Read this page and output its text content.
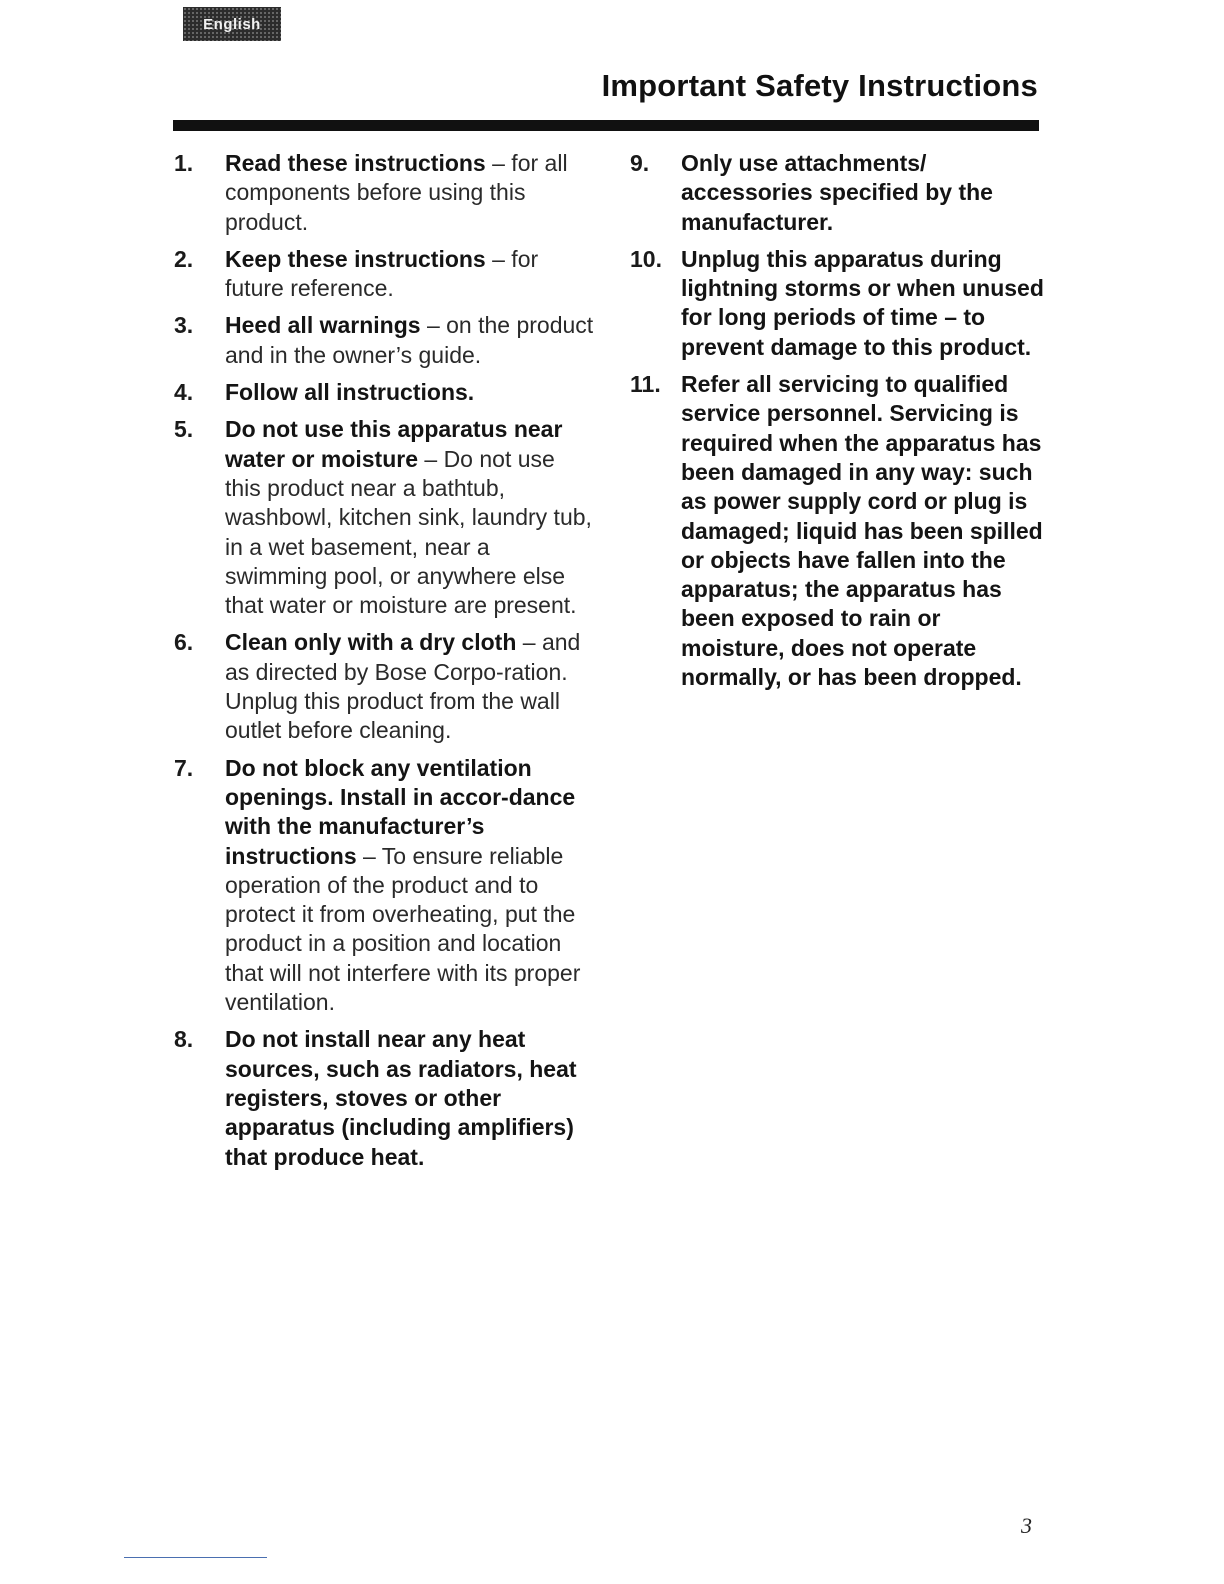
English
Important Safety Instructions
1. Read these instructions – for all components before using this product.
2. Keep these instructions – for future reference.
3. Heed all warnings – on the product and in the owner’s guide.
4. Follow all instructions.
5. Do not use this apparatus near water or moisture – Do not use this product near a bathtub, washbowl, kitchen sink, laundry tub, in a wet basement, near a swimming pool, or anywhere else that water or moisture are present.
6. Clean only with a dry cloth – and as directed by Bose Corpo-ration. Unplug this product from the wall outlet before cleaning.
7. Do not block any ventilation openings. Install in accor-dance with the manufacturer’s instructions – To ensure reliable operation of the product and to protect it from overheating, put the product in a position and location that will not interfere with its proper ventilation.
8. Do not install near any heat sources, such as radiators, heat registers, stoves or other apparatus (including amplifiers) that produce heat.
9. Only use attachments/ accessories specified by the manufacturer.
10. Unplug this apparatus during lightning storms or when unused for long periods of time – to prevent damage to this product.
11. Refer all servicing to qualified service personnel. Servicing is required when the apparatus has been damaged in any way: such as power supply cord or plug is damaged; liquid has been spilled or objects have fallen into the apparatus; the apparatus has been exposed to rain or moisture, does not operate normally, or has been dropped.
3
